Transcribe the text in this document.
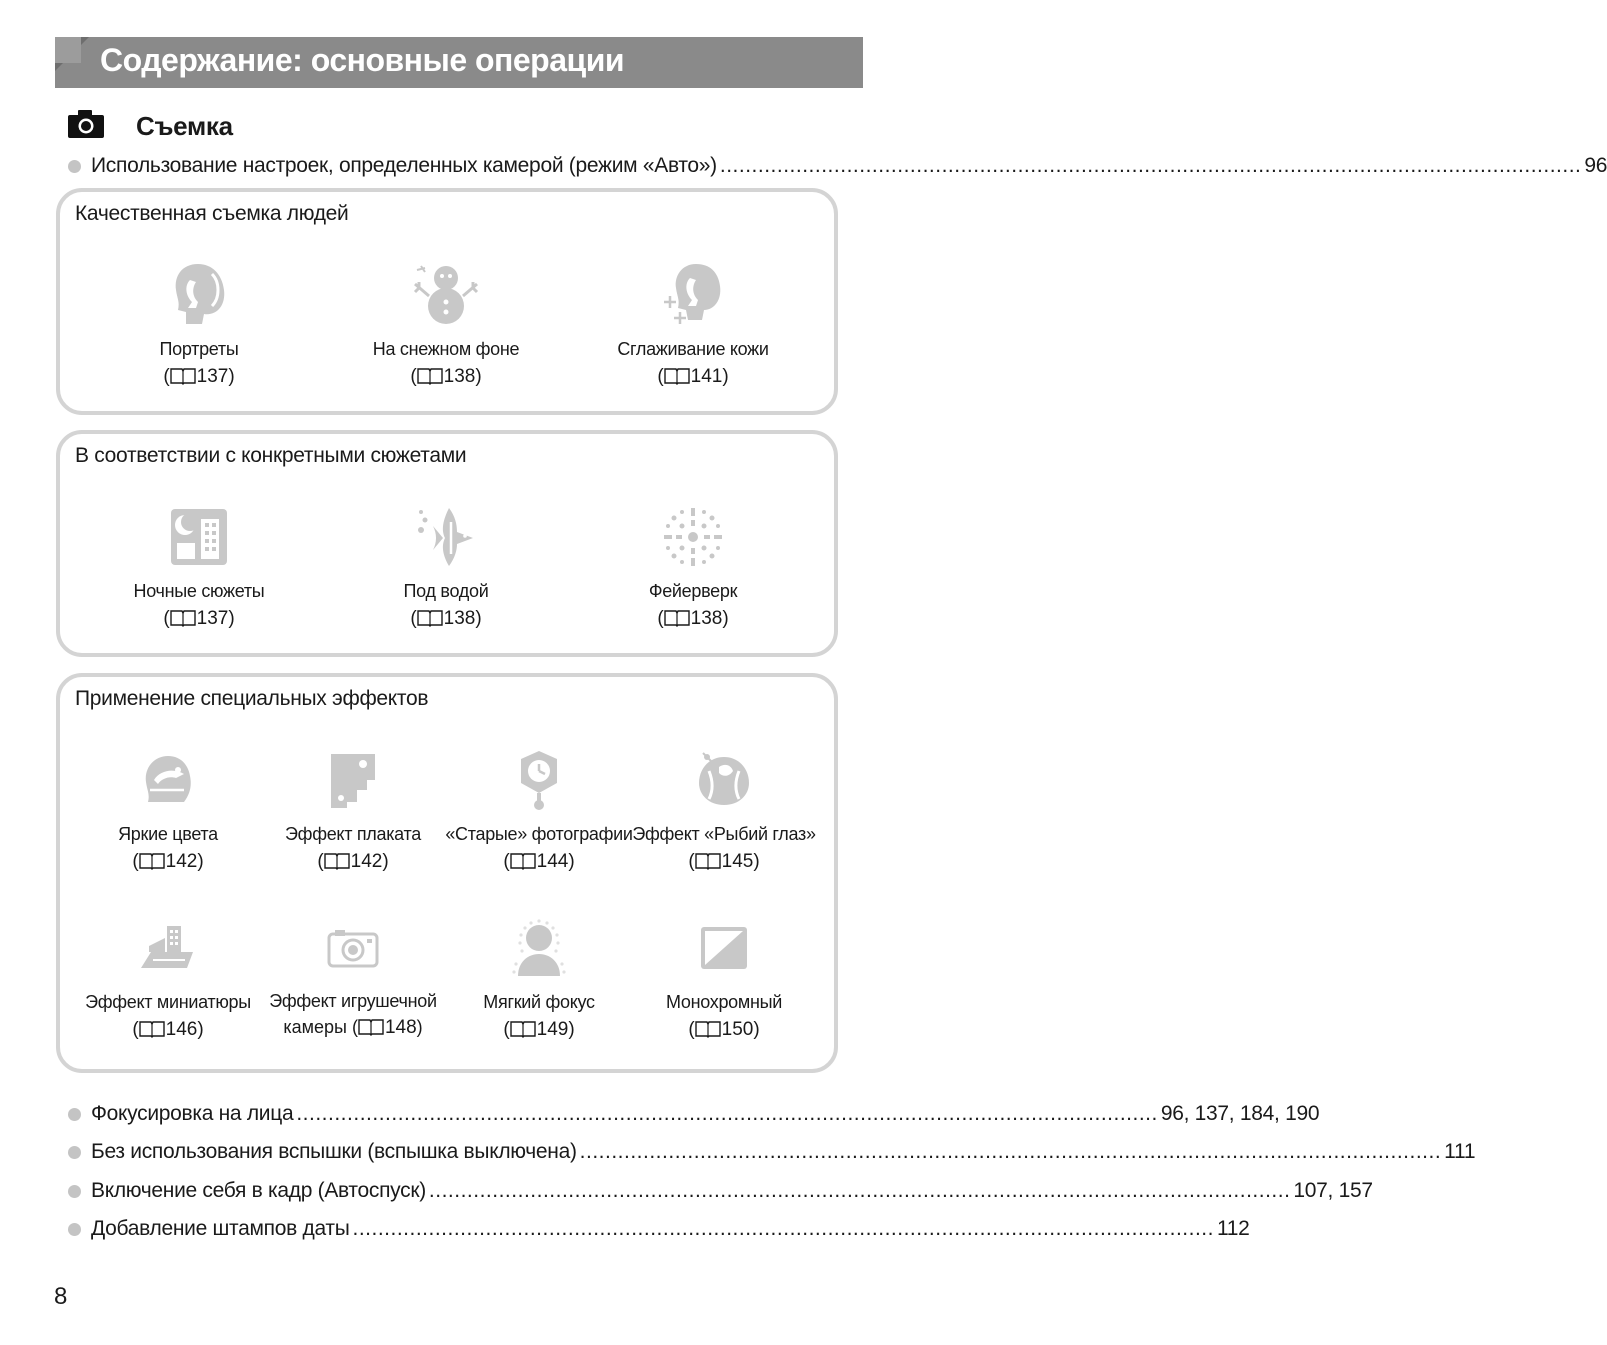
Содержание: основные операции
Съемка
Использование настроек, определенных камерой (режим «Авто») ........................................................................................................................................ 96
Качественная съемка людей
Портреты
( 137)
На снежном фоне
( 138)
Сглаживание кожи
( 141)
В соответствии с конкретными сюжетами
Ночные сюжеты
( 137)
Под водой
( 138)
Фейерверк
( 138)
Применение специальных эффектов
Яркие цвета
( 142)
Эффект плаката
( 142)
«Старые» фотографии
( 144)
Эффект «Рыбий глаз»
( 145)
Эффект миниатюры
( 146)
Эффект игрушечной
камеры ( 148)
Мягкий фокус
( 149)
Монохромный
( 150)
Фокусировка на лица ........................................................................................................................................ 96, 137, 184, 190
Без использования вспышки (вспышка выключена) ........................................................................................................................................ 111
Включение себя в кадр (Автоспуск) ........................................................................................................................................ 107, 157
Добавление штампов даты ........................................................................................................................................ 112
8
